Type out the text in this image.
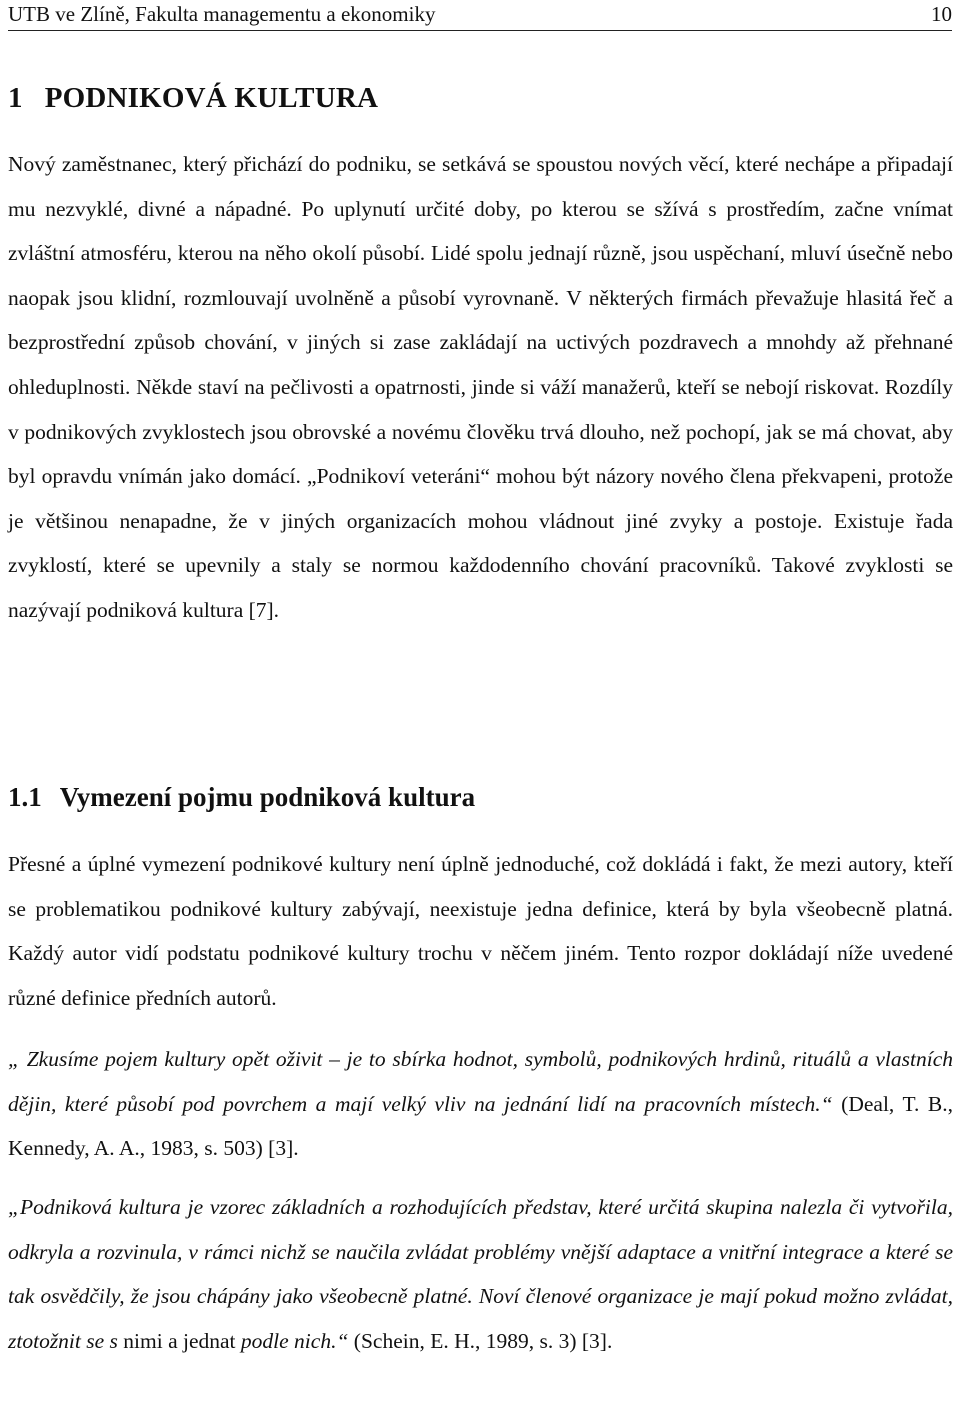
UTB ve Zlíně, Fakulta managementu a ekonomiky	10
1 PODNIKOVÁ KULTURA

Nový zaměstnanec, který přichází do podniku, se setkává se spoustou nových věcí, které nechápe a připadají mu nezvyklé, divné a nápadné. Po uplynutí určité doby, po kterou se sžívá s prostředím, začne vnímat zvláštní atmosféru, kterou na něho okolí působí. Lidé spolu jednají různě, jsou uspěchaní, mluví úsečně nebo naopak jsou klidní, rozmlouvají uvolněně a působí vyrovnaně. V některých firmách převažuje hlasitá řeč a bezprostřední způsob chování, v jiných si zase zakládají na uctivých pozdravech a mnohdy až přehnané ohleduplnosti. Někde staví na pečlivosti a opatrnosti, jinde si váží manažerů, kteří se nebojí riskovat. Rozdíly v podnikových zvyklostech jsou obrovské a novému člověku trvá dlouho, než pochopí, jak se má chovat, aby byl opravdu vnímán jako domácí. „Podnikoví veteráni“ mohou být názory nového člena překvapeni, protože je většinou nenapadne, že v jiných organizacích mohou vládnout jiné zvyky a postoje. Existuje řada zvyklostí, které se upevnily a staly se normou každodenního chování pracovníků. Takové zvyklosti se nazývají podniková kultura [7].

1.1 Vymezení pojmu podniková kultura

Přesné a úplné vymezení podnikové kultury není úplně jednoduché, což dokládá i fakt, že mezi autory, kteří se problematikou podnikové kultury zabývají, neexistuje jedna definice, která by byla všeobecně platná. Každý autor vidí podstatu podnikové kultury trochu v něčem jiném. Tento rozpor dokládají níže uvedené různé definice předních autorů.

„ Zkusíme pojem kultury opět oživit – je to sbírka hodnot, symbolů, podnikových hrdinů, rituálů a vlastních dějin, které působí pod povrchem a mají velký vliv na jednání lidí na pracovních místech.“ (Deal, T. B., Kennedy, A. A., 1983, s. 503) [3].

„Podniková kultura je vzorec základních a rozhodujících představ, které určitá skupina nalezla či vytvořila, odkryla a rozvinula, v rámci nichž se naučila zvládat problémy vnější adaptace a vnitřní integrace a které se tak osvědčily, že jsou chápány jako všeobecně platné. Noví členové organizace je mají pokud možno zvládat, ztotožnit se s nimi a jednat podle nich.“ (Schein, E. H., 1989, s. 3) [3].
